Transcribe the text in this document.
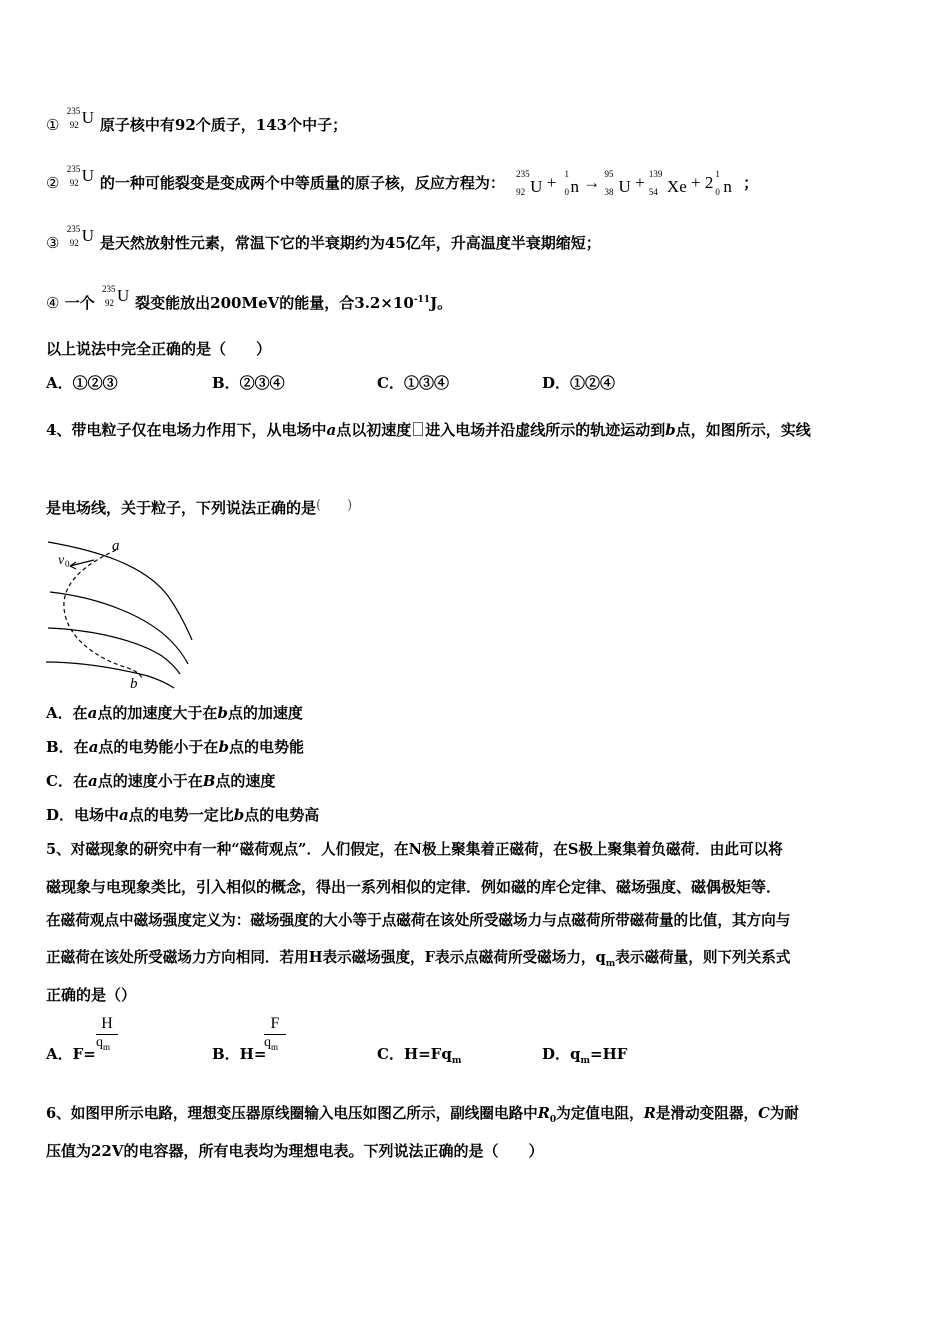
①
235
92 U 原子核中有92个质子，143个中子；
②
235
92 U 的一种可能裂变是变成两个中等质量的原子核，反应方程为： 235
92 U + 1
0 n → 95
38 U + 139
54 Xe + 2 1
0 n ；
③
235
92 U 是天然放射性元素，常温下它的半衰期约为45亿年，升高温度半衰期缩短；
④ 一个
235
92 U 裂变能放出200MeV的能量，合$3.2\times 10^{-11}J$。
以上说法中完全正确的是（　　）
A．①②③	B．②③④	C．①③④	D．①②④
4、带电粒子仅在电场力作用下，从电场中a点以初速度 进入电场并沿虚线所示的轨迹运动到b点，如图所示，实线
是电场线，关于粒子，下列说法正确的是(　　)
a
b
v 0
A．在a点的加速度大于在b点的加速度
B．在a点的电势能小于在b点的电势能
C．在a点的速度小于在B点的速度
D．电场中a点的电势一定比b点的电势高
5、对磁现象的研究中有一种“磁荷观点”．人们假定，在N极上聚集着正磁荷，在S极上聚集着负磁荷．由此可以将
磁现象与电现象类比，引入相似的概念，得出一系列相似的定律．例如磁的库仑定律、磁场强度、磁偶极矩等．
在磁荷观点中磁场强度定义为：磁场强度的大小等于点磁荷在该处所受磁场力与点磁荷所带磁荷量的比值，其方向与
正磁荷在该处所受磁场力方向相同．若用H表示磁场强度，F表示点磁荷所受磁场力，$q_m$表示磁荷量，则下列关系式
正确的是（）
A．F=
H
$q_m$	B．H=
F
$q_m$	C．$H=Fq_m$	D．$q_m=HF$
6、如图甲所示电路，理想变压器原线圈输入电压如图乙所示，副线圈电路中$R_0$为定值电阻，R是滑动变阻器，C为耐
压值为22V的电容器，所有电表均为理想电表。下列说法正确的是（　　）
